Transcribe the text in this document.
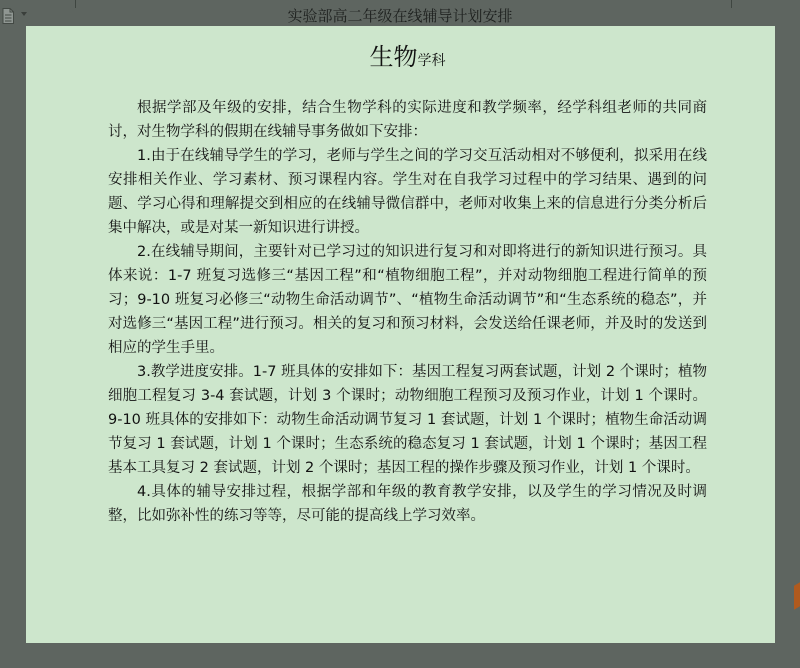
实验部高二年级在线辅导计划安排
生物学科

根据学部及年级的安排，结合生物学科的实际进度和教学频率，经学科组老师的共同商讨，对生物学科的假期在线辅导事务做如下安排：

1.由于在线辅导学生的学习，老师与学生之间的学习交互活动相对不够便利，拟采用在线安排相关作业、学习素材、预习课程内容。学生对在自我学习过程中的学习结果、遇到的问题、学习心得和理解提交到相应的在线辅导微信群中，老师对收集上来的信息进行分类分析后集中解决，或是对某一新知识进行讲授。

2.在线辅导期间，主要针对已学习过的知识进行复习和对即将进行的新知识进行预习。具体来说：1-7 班复习选修三“基因工程”和“植物细胞工程”，并对动物细胞工程进行简单的预习；9-10 班复习必修三“动物生命活动调节”、“植物生命活动调节”和“生态系统的稳态”，并对选修三“基因工程”进行预习。相关的复习和预习材料，会发送给任课老师，并及时的发送到相应的学生手里。

3.教学进度安排。1-7 班具体的安排如下：基因工程复习两套试题，计划 2 个课时；植物细胞工程复习 3-4 套试题，计划 3 个课时；动物细胞工程预习及预习作业，计划 1 个课时。9-10 班具体的安排如下：动物生命活动调节复习 1 套试题，计划 1 个课时；植物生命活动调节复习 1 套试题，计划 1 个课时；生态系统的稳态复习 1 套试题，计划 1 个课时；基因工程基本工具复习 2 套试题，计划 2 个课时；基因工程的操作步骤及预习作业，计划 1 个课时。

4.具体的辅导安排过程，根据学部和年级的教育教学安排，以及学生的学习情况及时调整，比如弥补性的练习等等，尽可能的提高线上学习效率。
